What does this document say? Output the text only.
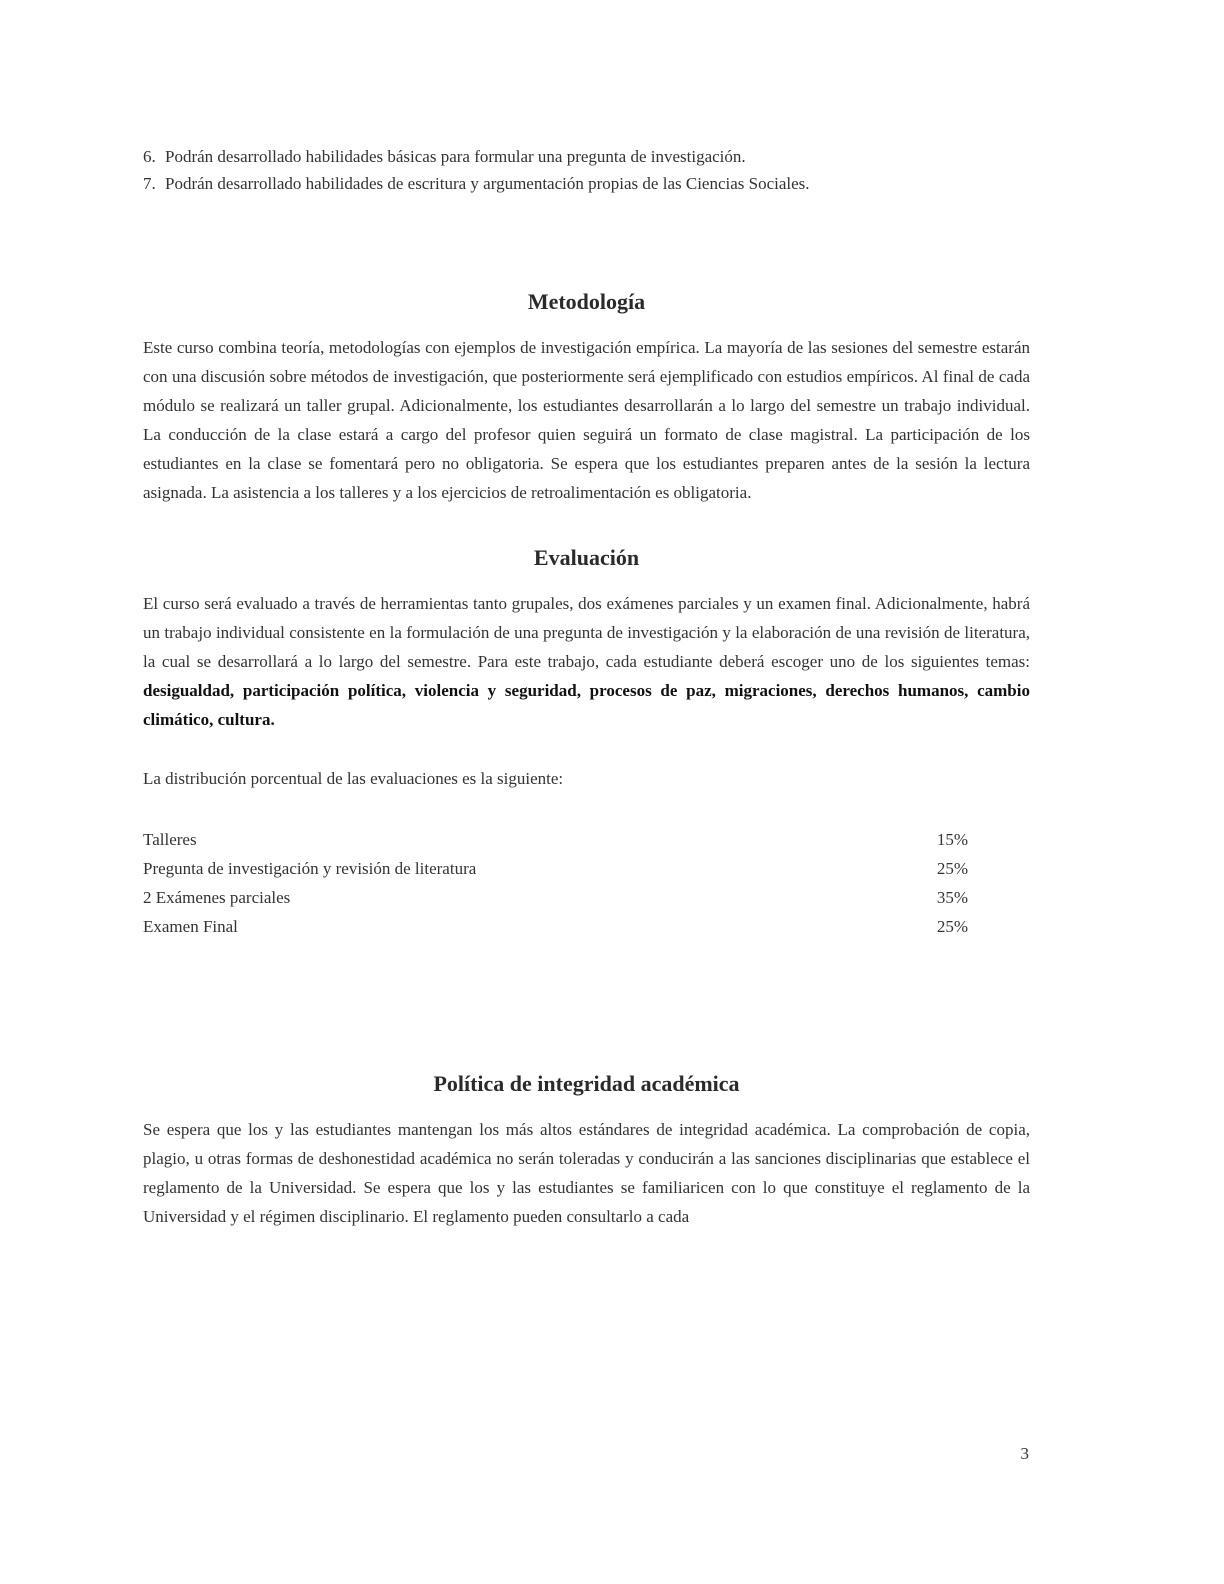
6. Podrán desarrollado habilidades básicas para formular una pregunta de investigación.
7. Podrán desarrollado habilidades de escritura y argumentación propias de las Ciencias Sociales.
Metodología

Este curso combina teoría, metodologías con ejemplos de investigación empírica. La mayoría de las sesiones del semestre estarán con una discusión sobre métodos de investigación, que posteriormente será ejemplificado con estudios empíricos. Al final de cada módulo se realizará un taller grupal. Adicionalmente, los estudiantes desarrollarán a lo largo del semestre un trabajo individual. La conducción de la clase estará a cargo del profesor quien seguirá un formato de clase magistral. La participación de los estudiantes en la clase se fomentará pero no obligatoria. Se espera que los estudiantes preparen antes de la sesión la lectura asignada. La asistencia a los talleres y a los ejercicios de retroalimentación es obligatoria.

Evaluación

El curso será evaluado a través de herramientas tanto grupales, dos exámenes parciales y un examen final. Adicionalmente, habrá un trabajo individual consistente en la formulación de una pregunta de investigación y la elaboración de una revisión de literatura, la cual se desarrollará a lo largo del semestre. Para este trabajo, cada estudiante deberá escoger uno de los siguientes temas: desigualdad, participación política, violencia y seguridad, procesos de paz, migraciones, derechos humanos, cambio climático, cultura.

La distribución porcentual de las evaluaciones es la siguiente:

Talleres	15%
Pregunta de investigación y revisión de literatura	25%
2 Exámenes parciales	35%
Examen Final	25%
Política de integridad académica

Se espera que los y las estudiantes mantengan los más altos estándares de integridad académica. La comprobación de copia, plagio, u otras formas de deshonestidad académica no serán toleradas y conducirán a las sanciones disciplinarias que establece el reglamento de la Universidad. Se espera que los y las estudiantes se familiaricen con lo que constituye el reglamento de la Universidad y el régimen disciplinario. El reglamento pueden consultarlo a cada

3
